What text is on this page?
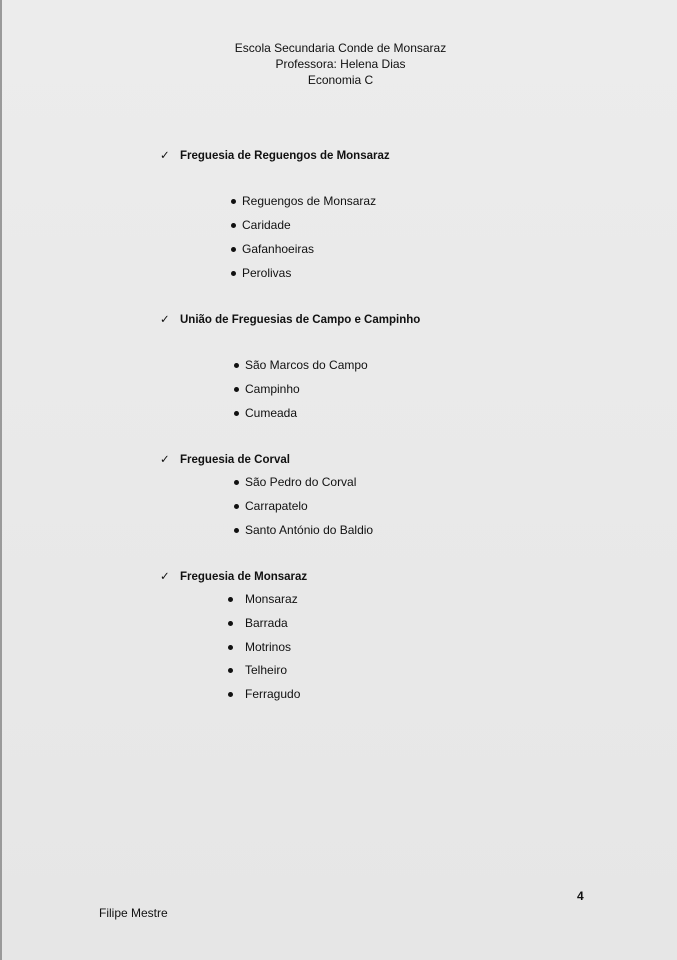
Escola Secundaria Conde de Monsaraz
Professora: Helena Dias
Economia C
✓ Freguesia de Reguengos de Monsaraz
Reguengos de Monsaraz
Caridade
Gafanhoeiras
Perolivas
✓ União de Freguesias de Campo e Campinho
São Marcos do Campo
Campinho
Cumeada
✓ Freguesia de Corval
São Pedro do Corval
Carrapatelo
Santo António do Baldio
✓ Freguesia de Monsaraz
Monsaraz
Barrada
Motrinos
Telheiro
Ferragudo
4
Filipe Mestre
